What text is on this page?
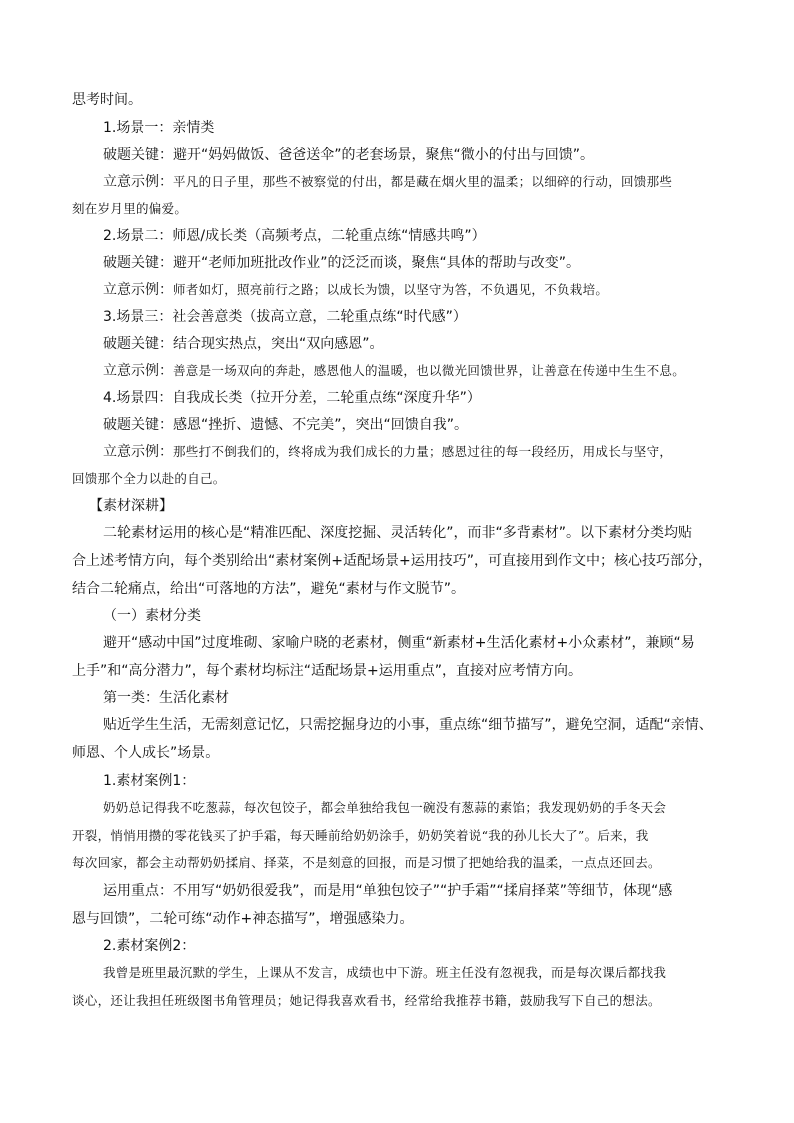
思考时间。
1.场景一：亲情类
破题关键：避开“妈妈做饭、爸爸送伞”的老套场景，聚焦“微小的付出与回馈”。
立意示例：平凡的日子里，那些不被察觉的付出，都是藏在烟火里的温柔；以细碎的行动，回馈那些
刻在岁月里的偏爱。
2.场景二：师恩/成长类（高频考点，二轮重点练“情感共鸣”）
破题关键：避开“老师加班批改作业”的泛泛而谈，聚焦“具体的帮助与改变”。
立意示例：师者如灯，照亮前行之路；以成长为馈，以坚守为答，不负遇见，不负栽培。
3.场景三：社会善意类（拔高立意，二轮重点练“时代感”）
破题关键：结合现实热点，突出“双向感恩”。
立意示例：善意是一场双向的奔赴，感恩他人的温暖，也以微光回馈世界，让善意在传递中生生不息。
4.场景四：自我成长类（拉开分差，二轮重点练“深度升华”）
破题关键：感恩“挫折、遗憾、不完美”，突出“回馈自我”。
立意示例：那些打不倒我们的，终将成为我们成长的力量；感恩过往的每一段经历，用成长与坚守，
回馈那个全力以赴的自己。
【素材深耕】
二轮素材运用的核心是“精准匹配、深度挖掘、灵活转化”，而非“多背素材”。以下素材分类均贴
合上述考情方向，每个类别给出“素材案例+适配场景+运用技巧”，可直接用到作文中；核心技巧部分，
结合二轮痛点，给出“可落地的方法”，避免“素材与作文脱节”。
（一）素材分类
避开“感动中国”过度堆砌、家喻户晓的老素材，侧重“新素材+生活化素材+小众素材”，兼顾“易
上手”和“高分潜力”，每个素材均标注“适配场景+运用重点”，直接对应考情方向。
第一类：生活化素材
贴近学生生活，无需刻意记忆，只需挖掘身边的小事，重点练“细节描写”，避免空洞，适配“亲情、
师恩、个人成长”场景。
1.素材案例1：
奶奶总记得我不吃葱蒜，每次包饺子，都会单独给我包一碗没有葱蒜的素馅；我发现奶奶的手冬天会
开裂，悄悄用攒的零花钱买了护手霜，每天睡前给奶奶涂手，奶奶笑着说“我的孙儿长大了”。后来，我
每次回家，都会主动帮奶奶揉肩、择菜，不是刻意的回报，而是习惯了把她给我的温柔，一点点还回去。
运用重点：不用写“奶奶很爱我”，而是用“单独包饺子”“护手霜”“揉肩择菜”等细节，体现“感
恩与回馈”，二轮可练“动作+神态描写”，增强感染力。
2.素材案例2：
我曾是班里最沉默的学生，上课从不发言，成绩也中下游。班主任没有忽视我，而是每次课后都找我
谈心，还让我担任班级图书角管理员；她记得我喜欢看书，经常给我推荐书籍，鼓励我写下自己的想法。
